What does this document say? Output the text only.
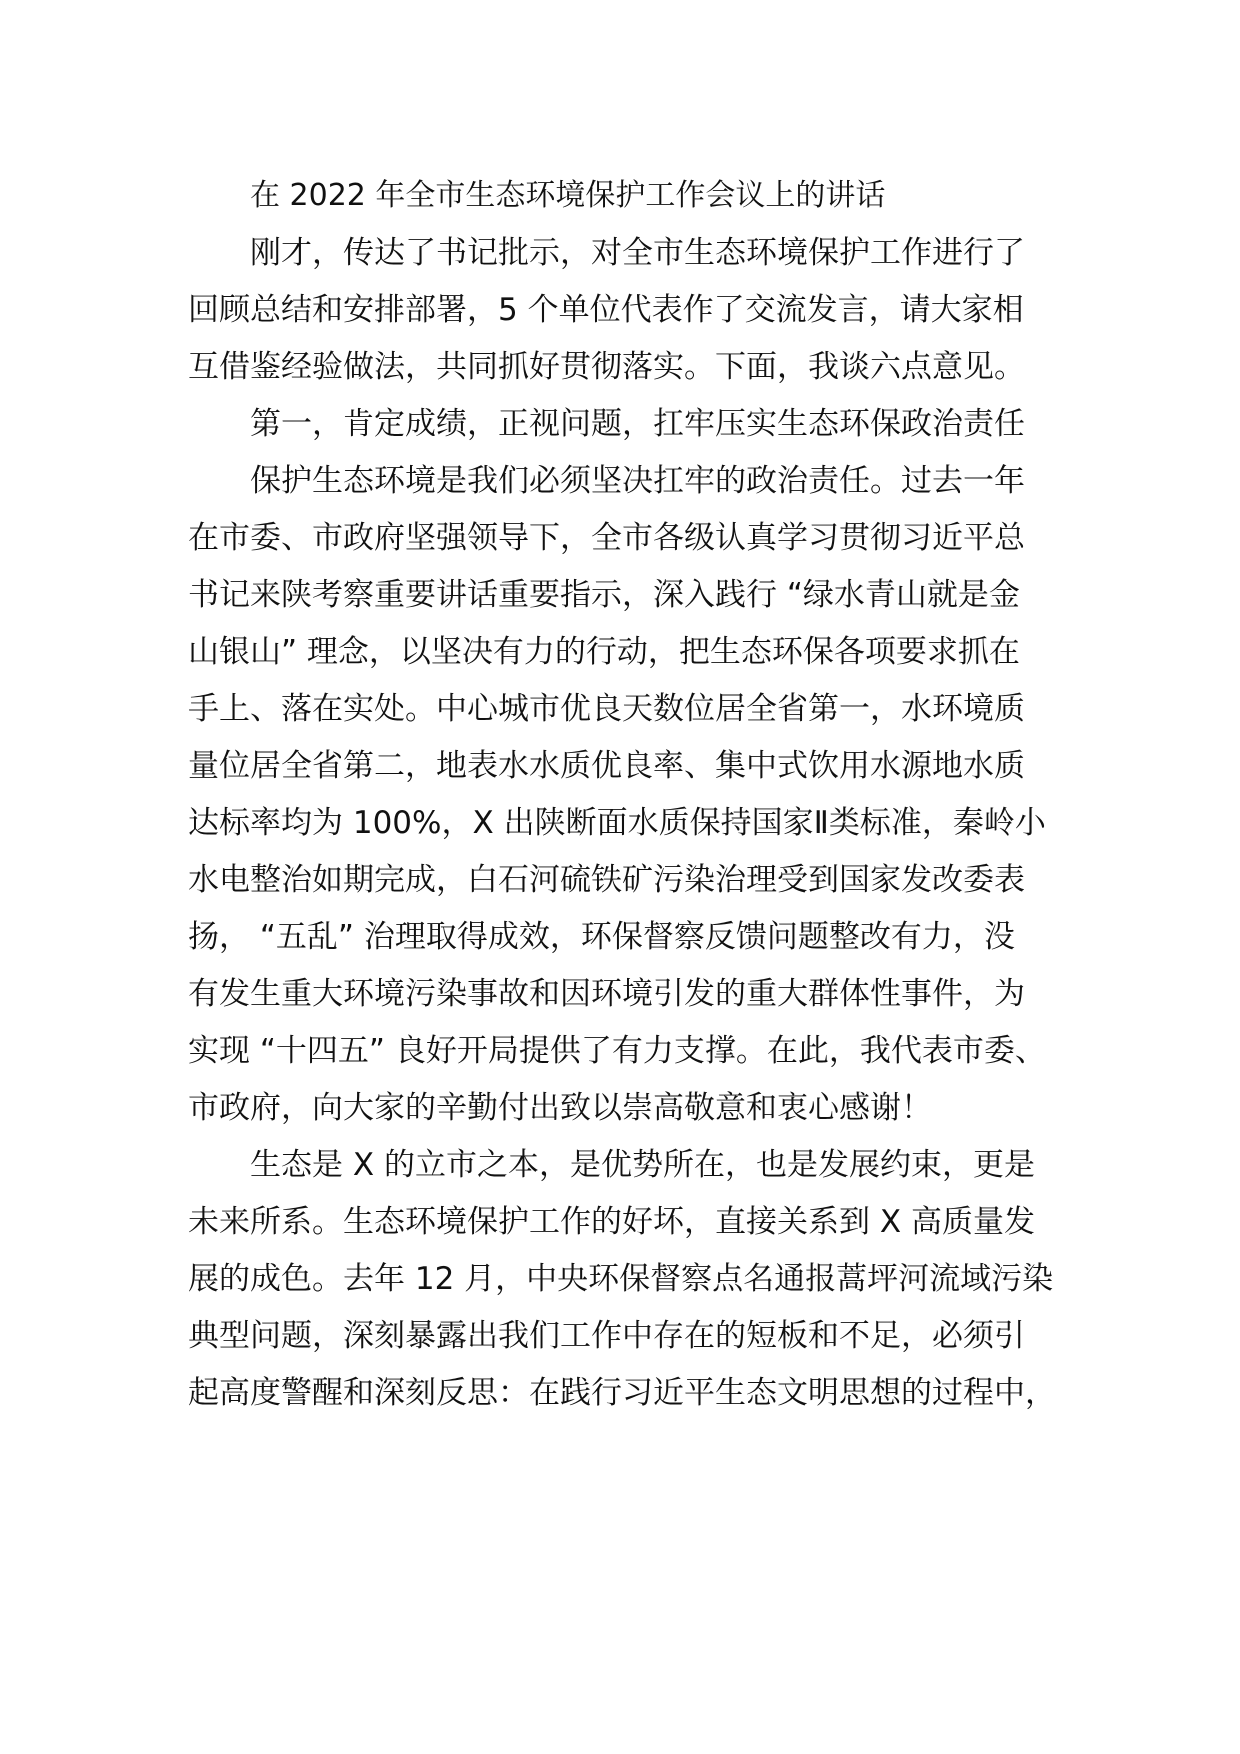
在 2022 年全市生态环境保护工作会议上的讲话

刚才，传达了书记批示，对全市生态环境保护工作进行了

回顾总结和安排部署，5 个单位代表作了交流发言，请大家相

互借鉴经验做法，共同抓好贯彻落实。下面，我谈六点意见。

第一，肯定成绩，正视问题，扛牢压实生态环保政治责任

保护生态环境是我们必须坚决扛牢的政治责任。过去一年

在市委、市政府坚强领导下，全市各级认真学习贯彻习近平总

书记来陕考察重要讲话重要指示，深入践行 “绿水青山就是金

山银山” 理念，以坚决有力的行动，把生态环保各项要求抓在

手上、落在实处。中心城市优良天数位居全省第一，水环境质

量位居全省第二，地表水水质优良率、集中式饮用水源地水质

达标率均为 100%，X 出陕断面水质保持国家Ⅱ类标准，秦岭小

水电整治如期完成，白石河硫铁矿污染治理受到国家发改委表

扬， “五乱” 治理取得成效，环保督察反馈问题整改有力，没

有发生重大环境污染事故和因环境引发的重大群体性事件，为

实现 “十四五” 良好开局提供了有力支撑。在此，我代表市委、

市政府，向大家的辛勤付出致以崇高敬意和衷心感谢！

生态是 X 的立市之本，是优势所在，也是发展约束，更是

未来所系。生态环境保护工作的好坏，直接关系到 X 高质量发

展的成色。去年 12 月，中央环保督察点名通报蒿坪河流域污染

典型问题，深刻暴露出我们工作中存在的短板和不足，必须引

起高度警醒和深刻反思：在践行习近平生态文明思想的过程中，
